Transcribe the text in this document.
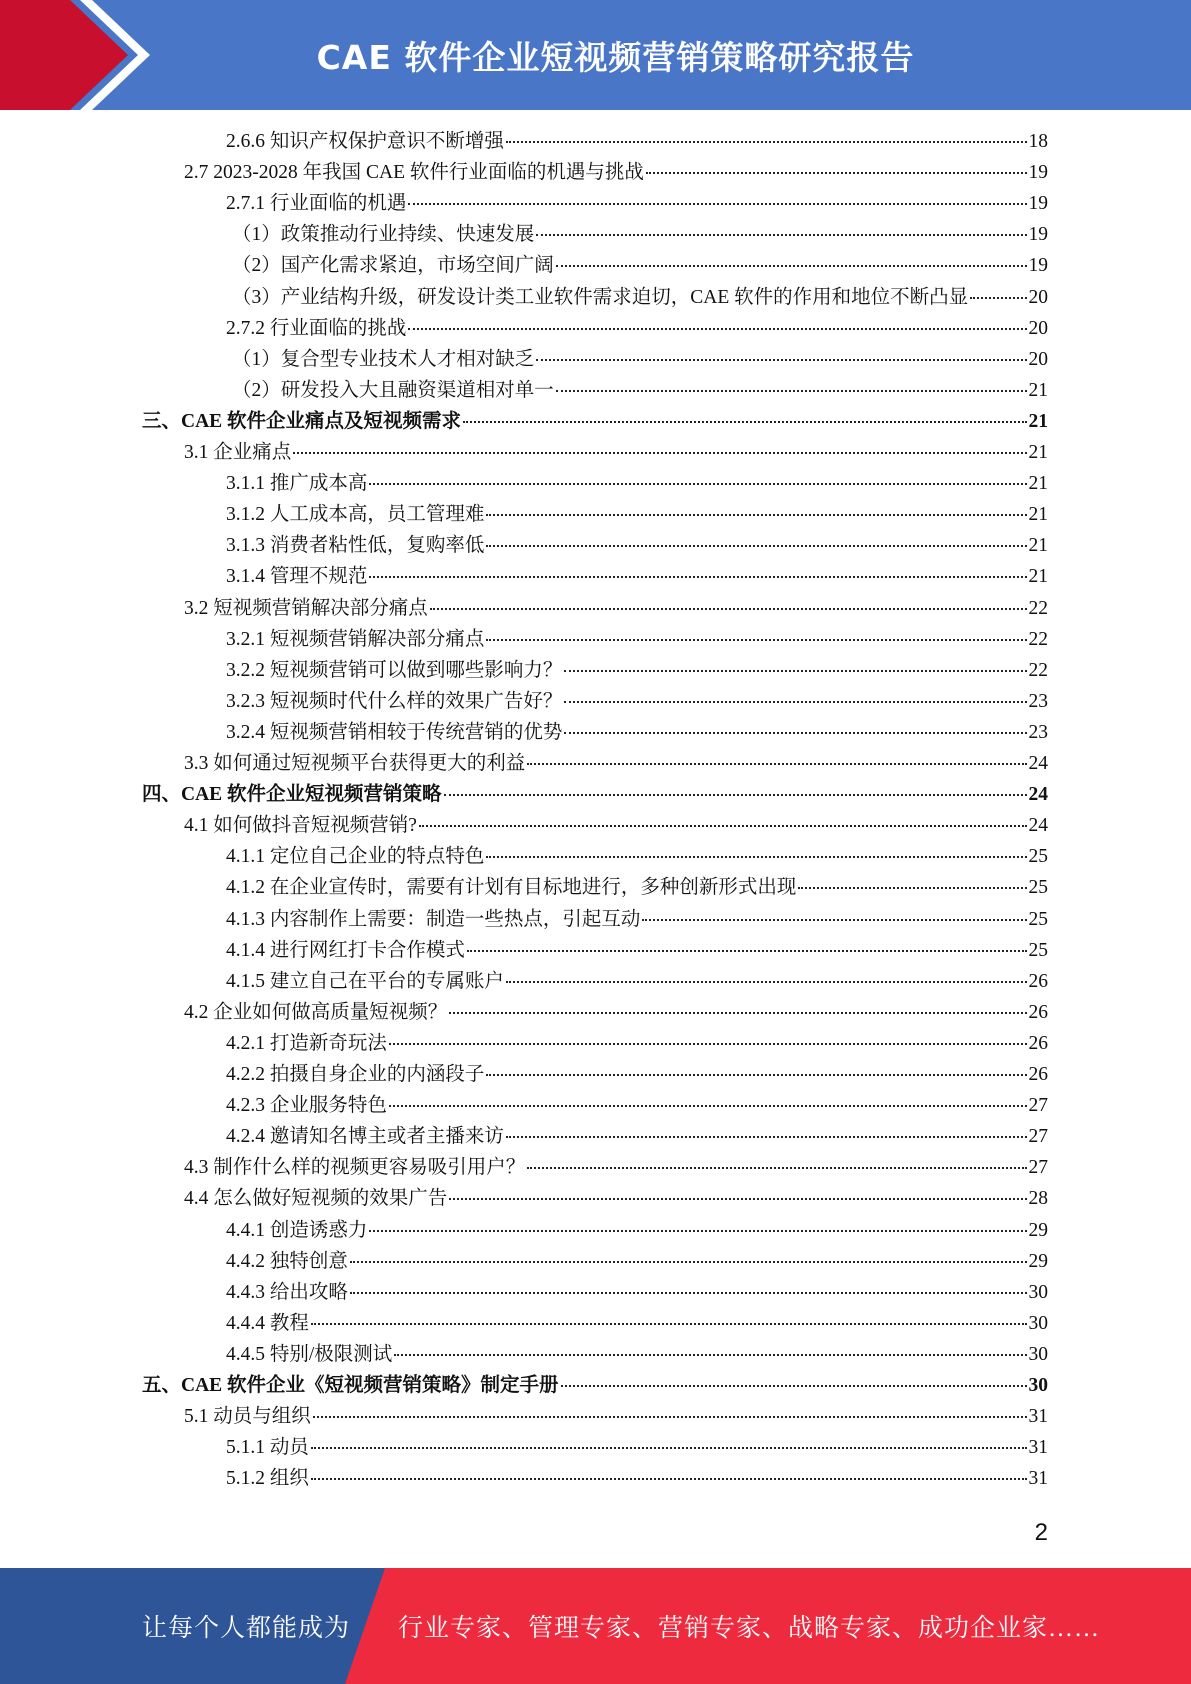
CAE 软件企业短视频营销策略研究报告
2.6.6 知识产权保护意识不断增强	18
2.7 2023-2028 年我国 CAE 软件行业面临的机遇与挑战	19
2.7.1 行业面临的机遇	19
（1）政策推动行业持续、快速发展	19
（2）国产化需求紧迫，市场空间广阔	19
（3）产业结构升级，研发设计类工业软件需求迫切，CAE 软件的作用和地位不断凸显	20
2.7.2 行业面临的挑战	20
（1）复合型专业技术人才相对缺乏	20
（2）研发投入大且融资渠道相对单一	21
三、CAE 软件企业痛点及短视频需求	21
3.1 企业痛点	21
3.1.1 推广成本高	21
3.1.2 人工成本高，员工管理难	21
3.1.3 消费者粘性低，复购率低	21
3.1.4 管理不规范	21
3.2 短视频营销解决部分痛点	22
3.2.1 短视频营销解决部分痛点	22
3.2.2 短视频营销可以做到哪些影响力？	22
3.2.3 短视频时代什么样的效果广告好？	23
3.2.4 短视频营销相较于传统营销的优势	23
3.3 如何通过短视频平台获得更大的利益	24
四、CAE 软件企业短视频营销策略	24
4.1 如何做抖音短视频营销?	24
4.1.1 定位自己企业的特点特色	25
4.1.2 在企业宣传时，需要有计划有目标地进行，多种创新形式出现	25
4.1.3 内容制作上需要：制造一些热点，引起互动	25
4.1.4 进行网红打卡合作模式	25
4.1.5 建立自己在平台的专属账户	26
4.2 企业如何做高质量短视频？	26
4.2.1 打造新奇玩法	26
4.2.2 拍摄自身企业的内涵段子	26
4.2.3 企业服务特色	27
4.2.4 邀请知名博主或者主播来访	27
4.3 制作什么样的视频更容易吸引用户？	27
4.4 怎么做好短视频的效果广告	28
4.4.1 创造诱惑力	29
4.4.2 独特创意	29
4.4.3 给出攻略	30
4.4.4 教程	30
4.4.5 特别/极限测试	30
五、CAE 软件企业《短视频营销策略》制定手册	30
5.1 动员与组织	31
5.1.1 动员	31
5.1.2 组织	31
2
让每个人都能成为 行业专家、管理专家、营销专家、战略专家、成功企业家……
